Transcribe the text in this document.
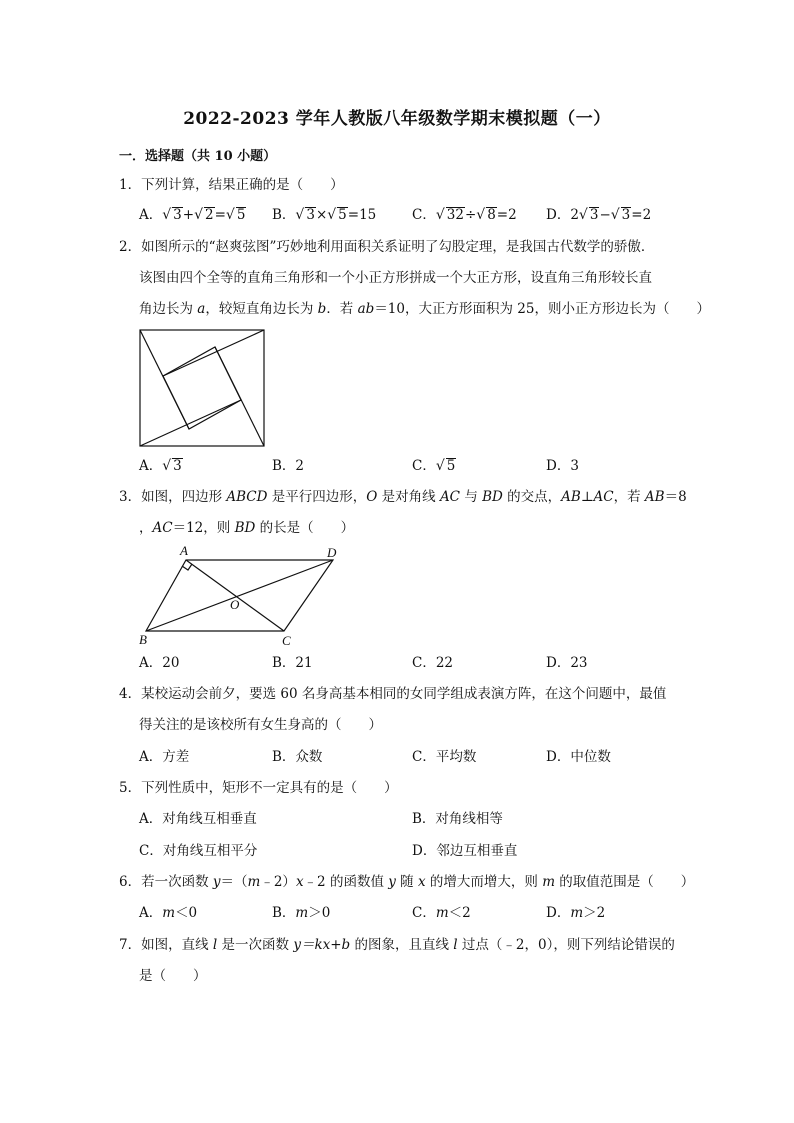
2022-2023 学年人教版八年级数学期末模拟题（一）
一．选择题（共 10 小题）
1．下列计算，结果正确的是（　　）
A．√ 3+√ 2=√ 5 B．√ 3×√ 5=15	C．√ 32÷√ 8=2 D．2√ 3−√ 3=2
2．如图所示的“赵爽弦图”巧妙地利用面积关系证明了勾股定理，是我国古代数学的骄傲．
该图由四个全等的直角三角形和一个小正方形拼成一个大正方形，设直角三角形较长直
角边长为 a，较短直角边长为 b．若 ab＝10，大正方形面积为 25，则小正方形边长为（　　）
A．√ 3	B．2	C．√ 5	D．3
3．如图，四边形 ABCD 是平行四边形，O 是对角线 AC 与 BD 的交点，AB⊥AC，若 AB＝8
，AC＝12，则 BD 的长是（　　）
A	D
O
B	C
A．20	B．21	C．22	D．23
4．某校运动会前夕，要选 60 名身高基本相同的女同学组成表演方阵，在这个问题中，最值
得关注的是该校所有女生身高的（　　）
A．方差	B．众数	C．平均数	D．中位数
5．下列性质中，矩形不一定具有的是（　　）
A．对角线互相垂直	B．对角线相等
C．对角线互相平分	D．邻边互相垂直
6．若一次函数 y＝（m﹣2）x﹣2 的函数值 y 随 x 的增大而增大，则 m 的取值范围是（　　）
A．m＜0	B．m＞0	C．m＜2	D．m＞2
7．如图，直线 l 是一次函数 y＝kx+b 的图象，且直线 l 过点（﹣2，0），则下列结论错误的
是（　　）
